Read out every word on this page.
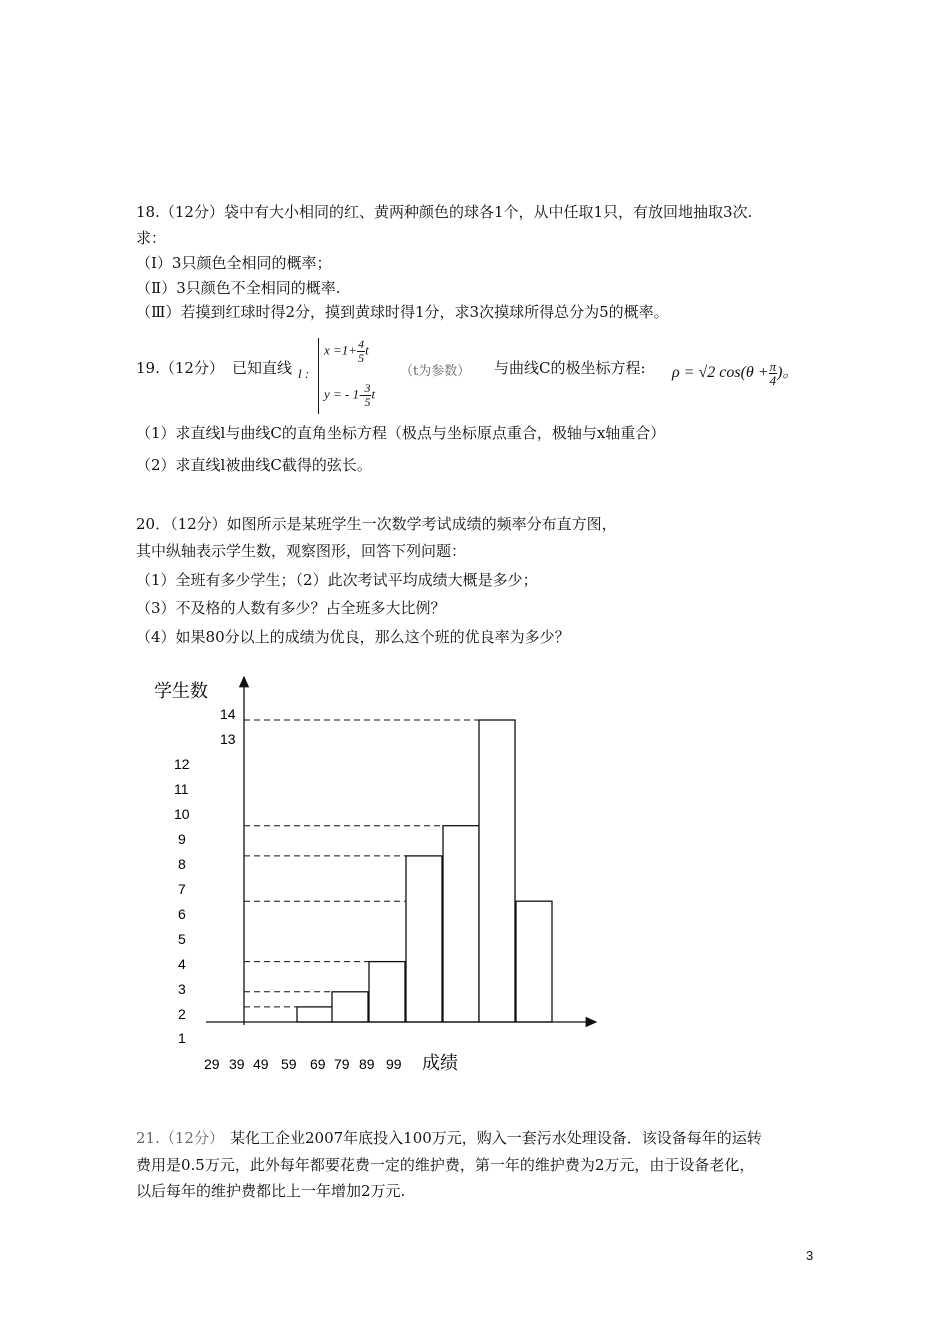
18.（12分）袋中有大小相同的红、黄两种颜色的球各1个，从中任取1只，有放回地抽取3次.
求：
（Ⅰ）3只颜色全相同的概率；
（Ⅱ）3只颜色不全相同的概率.
（Ⅲ）若摸到红球时得2分，摸到黄球时得1分，求3次摸球所得总分为5的概率。
19.（12分） 已知直线 l :
$x =1+ \frac{4}{5}$ t
y = - $1- \frac{3}{5}$ t
（t为参数） 与曲线C的极坐标方程: ρ = √2 $\cos(\theta + \frac{\pi}{4}$ )。
（1）求直线l与曲线C的直角坐标方程（极点与坐标原点重合，极轴与x轴重合）
（2）求直线l被曲线C截得的弦长。
20．（12分）如图所示是某班学生一次数学考试成绩的频率分布直方图，
其中纵轴表示学生数，观察图形，回答下列问题：
（1）全班有多少学生；（2）此次考试平均成绩大概是多少；
（3）不及格的人数有多少？占全班多大比例？
（4）如果80分以上的成绩为优良，那么这个班的优良率为多少？
学生数
成绩
14
13
12
11
10
9
8
7
6
5
4
3
2
1
29 39 49 59 69 79 89 99
21.（12分） 某化工企业2007年底投入100万元，购入一套污水处理设备．该设备每年的运转
费用是0.5万元，此外每年都要花费一定的维护费，第一年的维护费为2万元，由于设备老化，
以后每年的维护费都比上一年增加2万元.
3
